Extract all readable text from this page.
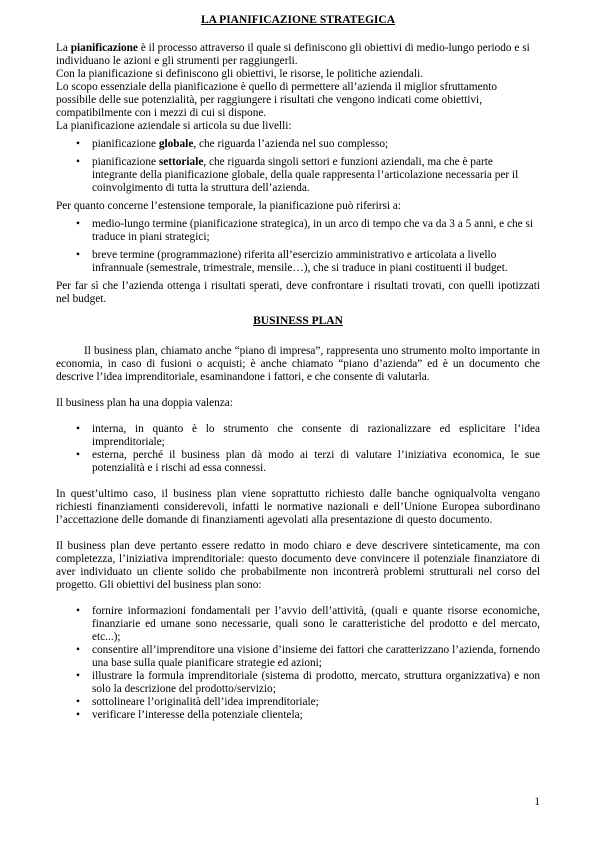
LA PIANIFICAZIONE STRATEGICA

La pianificazione è il processo attraverso il quale si definiscono gli obiettivi di medio-lungo periodo e si individuano le azioni e gli strumenti per raggiungerli.

Con la pianificazione si definiscono gli obiettivi, le risorse, le politiche aziendali.

Lo scopo essenziale della pianificazione è quello di permettere all’azienda il miglior sfruttamento possibile delle sue potenzialità, per raggiungere i risultati che vengono indicati come obiettivi, compatibilmente con i mezzi di cui si dispone.

La pianificazione aziendale si articola su due livelli:

• pianificazione globale, che riguarda l’azienda nel suo complesso;
• pianificazione settoriale, che riguarda singoli settori e funzioni aziendali, ma che è parte integrante della pianificazione globale, della quale rappresenta l’articolazione necessaria per il coinvolgimento di tutta la struttura dell’azienda.

Per quanto concerne l’estensione temporale, la pianificazione può riferirsi a:

• medio-lungo termine (pianificazione strategica), in un arco di tempo che va da 3 a 5 anni, e che si traduce in piani strategici;
• breve termine (programmazione) riferita all’esercizio amministrativo e articolata a livello infrannuale (semestrale, trimestrale, mensile…), che si traduce in piani costituenti il budget.

Per far sì che l’azienda ottenga i risultati sperati, deve confrontare i risultati trovati, con quelli ipotizzati nel budget.

BUSINESS PLAN

Il business plan, chiamato anche “piano di impresa”, rappresenta uno strumento molto importante in economia, in caso di fusioni o acquisti; è anche chiamato “piano d’azienda” ed è un documento che descrive l’idea imprenditoriale, esaminandone i fattori, e che consente di valutarla.

Il business plan ha una doppia valenza:

• interna, in quanto è lo strumento che consente di razionalizzare ed esplicitare l’idea imprenditoriale;
• esterna, perché il business plan dà modo ai terzi di valutare l’iniziativa economica, le sue potenzialità e i rischi ad essa connessi.

In quest’ultimo caso, il business plan viene soprattutto richiesto dalle banche ogniqualvolta vengano richiesti finanziamenti considerevoli, infatti le normative nazionali e dell’Unione Europea subordinano l’accettazione delle domande di finanziamenti agevolati alla presentazione di questo documento.

Il business plan deve pertanto essere redatto in modo chiaro e deve descrivere sinteticamente, ma con completezza, l’iniziativa imprenditoriale: questo documento deve convincere il potenziale finanziatore di aver individuato un cliente solido che probabilmente non incontrerà problemi strutturali nel corso del progetto. Gli obiettivi del business plan sono:

• fornire informazioni fondamentali per l’avvio dell’attività, (quali e quante risorse economiche, finanziarie ed umane sono necessarie, quali sono le caratteristiche del prodotto e del mercato, etc...);
• consentire all’imprenditore una visione d’insieme dei fattori che caratterizzano l’azienda, fornendo una base sulla quale pianificare strategie ed azioni;
• illustrare la formula imprenditoriale (sistema di prodotto, mercato, struttura organizzativa) e non solo la descrizione del prodotto/servizio;
• sottolineare l’originalità dell’idea imprenditoriale;
• verificare l’interesse della potenziale clientela;
1
